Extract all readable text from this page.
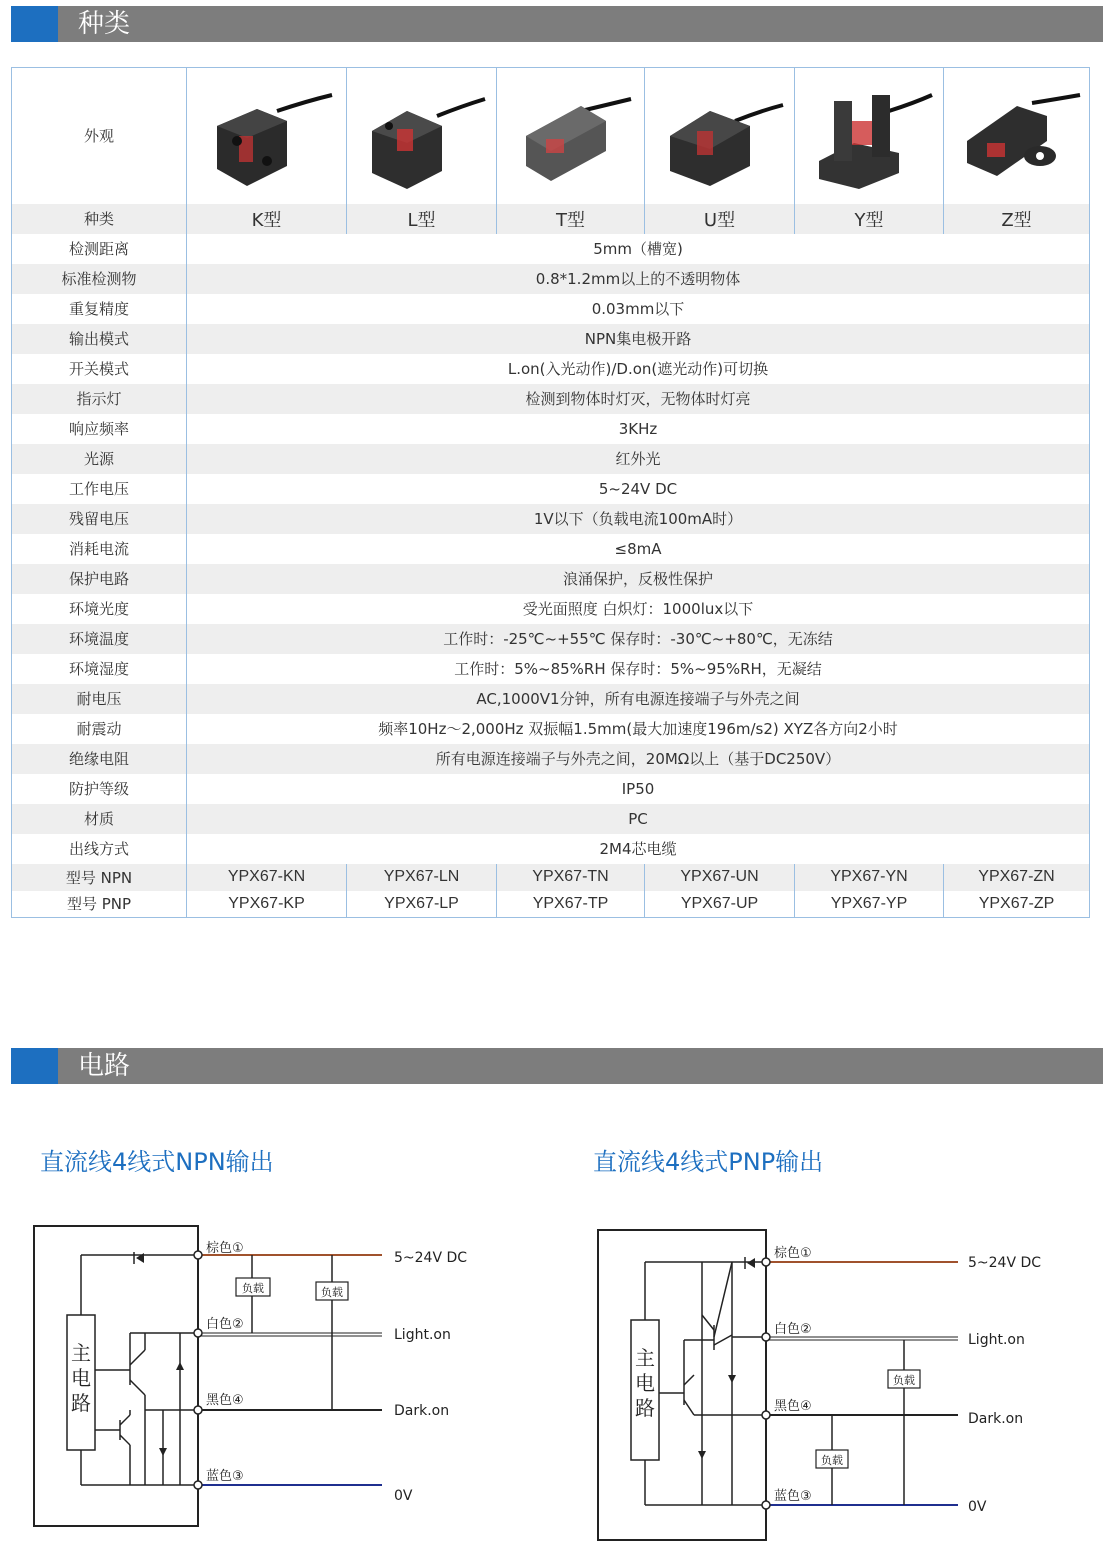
种类
外观	

种类	K型	L型	T型	U型	Y型	Z型
检测距离	5mm（槽宽)					
标准检测物	0.8*1.2mm以上的不透明物体					
重复精度	0.03mm以下					
输出模式	NPN集电极开路					
开关模式	L.on(入光动作)/D.on(遮光动作)可切换					
指示灯	检测到物体时灯灭，无物体时灯亮					
响应频率	3KHz					
光源	红外光					
工作电压	5~24V DC					
残留电压	1V以下（负载电流100mA时）					
消耗电流	≤8mA					
保护电路	浪涌保护，反极性保护					
环境光度	受光面照度 白炽灯：1000lux以下					
环境温度	工作时：-25℃~+55℃ 保存时：-30℃~+80℃，无冻结					
环境湿度	工作时：5%~85%RH 保存时：5%~95%RH，无凝结					
耐电压	AC,1000V1分钟，所有电源连接端子与外壳之间					
耐震动	频率10Hz～2,000Hz 双振幅1.5mm(最大加速度196m/s2) XYZ各方向2小时					
绝缘电阻	所有电源连接端子与外壳之间，20MΩ以上（基于DC250V）					
防护等级	IP50					
材质	PC					
出线方式	2M4芯电缆					
型号 NPN	YPX67-KN	YPX67-LN	YPX67-TN	YPX67-UN	YPX67-YN	YPX67-ZN
型号 PNP	YPX67-KP	YPX67-LP	YPX67-TP	YPX67-UP	YPX67-YP	YPX67-ZP
电路
直流线4线式NPN输出	直流线4线式PNP输出
主
电
路
棕色①
白色②
黑色④
蓝色③
负载	负载
5~24V DC
Light.on
Dark.on
0V
主
电
路
棕色①
白色②
黑色④
蓝色③
负载
负载
5~24V DC
Light.on
Dark.on
0V
